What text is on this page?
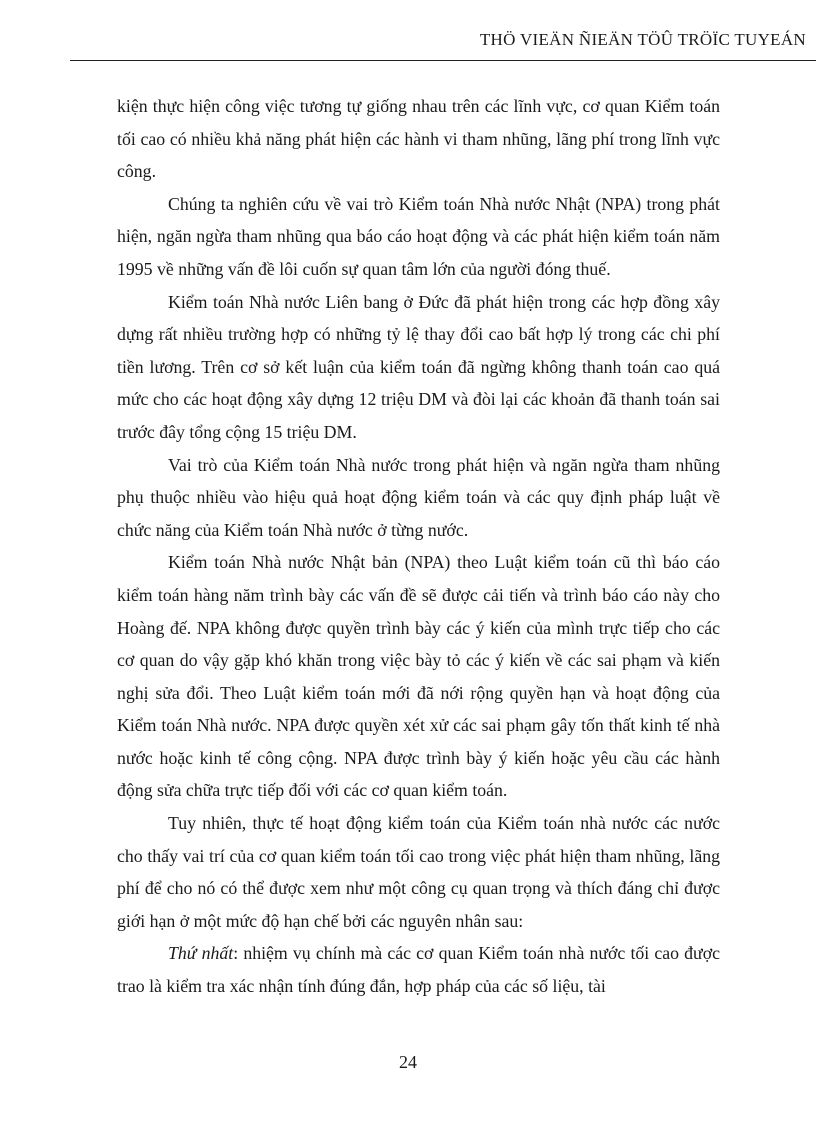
THÖ VIEÄN ÑIEÄN TÖÛ TRÖÏC TUYEÁN

kiện thực hiện công việc tương tự giống nhau trên các lĩnh vực, cơ quan Kiểm toán tối cao có nhiều khả năng phát hiện các hành vi tham nhũng, lãng phí trong lĩnh vực công.

Chúng ta nghiên cứu về vai trò Kiểm toán Nhà nước Nhật (NPA) trong phát hiện, ngăn ngừa tham nhũng qua báo cáo hoạt động và các phát hiện kiểm toán năm 1995 về những vấn đề lôi cuốn sự quan tâm lớn của người đóng thuế.

Kiểm toán Nhà nước Liên bang ở Đức đã phát hiện trong các hợp đồng xây dựng rất nhiều trường hợp có những tỷ lệ thay đổi cao bất hợp lý trong các chi phí tiền lương. Trên cơ sở kết luận của kiểm toán đã ngừng không thanh toán cao quá mức cho các hoạt động xây dựng 12 triệu DM và đòi lại các khoản đã thanh toán sai trước đây tổng cộng 15 triệu DM.

Vai trò của Kiểm toán Nhà nước trong phát hiện và ngăn ngừa tham nhũng phụ thuộc nhiều vào hiệu quả hoạt động kiểm toán và các quy định pháp luật về chức năng của Kiểm toán Nhà nước ở từng nước.

Kiểm toán Nhà nước Nhật bản (NPA) theo Luật kiểm toán cũ thì báo cáo kiểm toán hàng năm trình bày các vấn đề sẽ được cải tiến và trình báo cáo này cho Hoàng đế. NPA không được quyền trình bày các ý kiến của mình trực tiếp cho các cơ quan do vậy gặp khó khăn trong việc bày tỏ các ý kiến về các sai phạm và kiến nghị sửa đổi. Theo Luật kiểm toán mới đã nới rộng quyền hạn và hoạt động của Kiểm toán Nhà nước. NPA được quyền xét xử các sai phạm gây tốn thất kinh tế nhà nước hoặc kinh tế công cộng. NPA được trình bày ý kiến hoặc yêu cầu các hành động sửa chữa trực tiếp đối với các cơ quan kiểm toán.

Tuy nhiên, thực tế hoạt động kiểm toán của Kiểm toán nhà nước các nước cho thấy vai trí của cơ quan kiểm toán tối cao trong việc phát hiện tham nhũng, lãng phí để cho nó có thể được xem như một công cụ quan trọng và thích đáng chỉ được giới hạn ở một mức độ hạn chế bởi các nguyên nhân sau:

Thứ nhất: nhiệm vụ chính mà các cơ quan Kiểm toán nhà nước tối cao được trao là kiểm tra xác nhận tính đúng đắn, hợp pháp của các số liệu, tài

24
